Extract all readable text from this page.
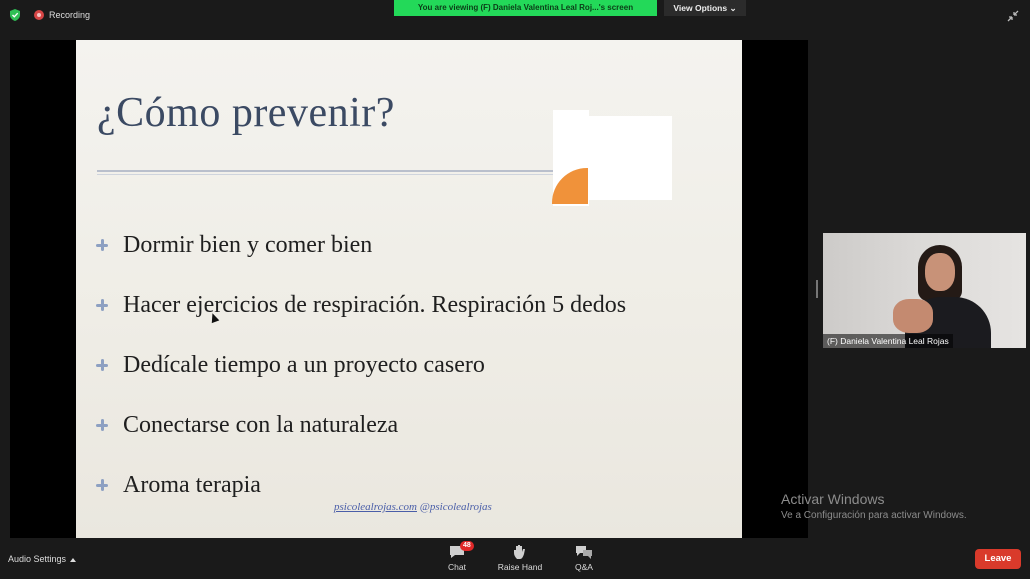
Recording
You are viewing (F) Daniela Valentina Leal Roj...'s screen	View Options ⌄
¿Cómo prevenir?
Dormir bien y comer bien
Hacer ejercicios de respiración. Respiración 5 dedos
Dedícale tiempo a un proyecto casero
Conectarse con la naturaleza
Aroma terapia
psicolealrojas.com @psicolealrojas
(F) Daniela Valentina Leal Rojas
Activar Windows
Ve a Configuración para activar Windows.
Audio Settings
48
Chat	Raise Hand	Q&A
Leave
